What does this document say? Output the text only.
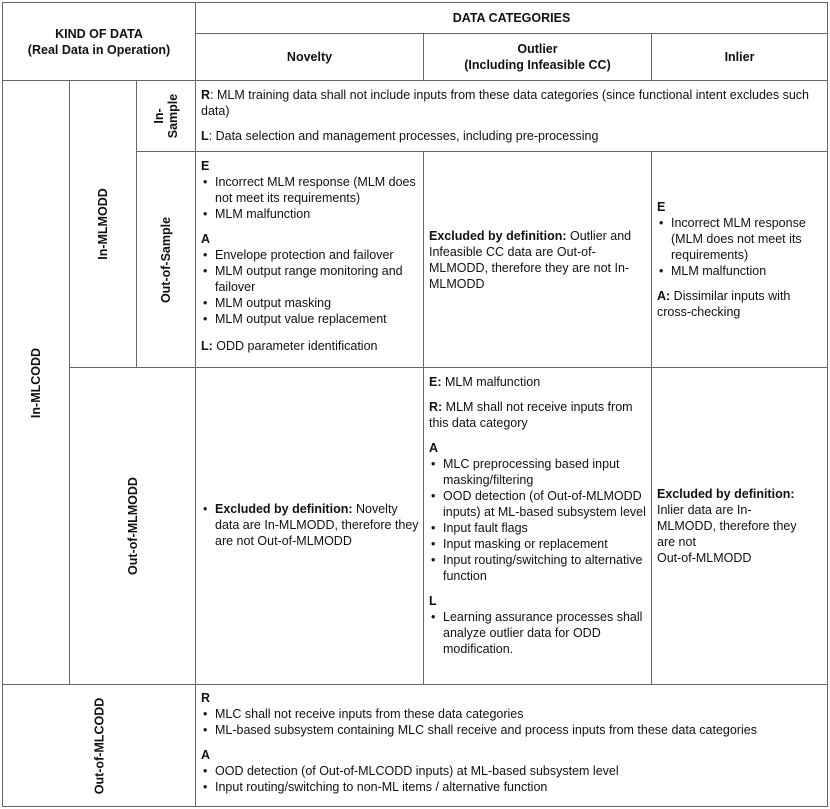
KIND OF DATA
(Real Data in Operation)
DATA CATEGORIES
Novelty
Outlier
(Including Infeasible CC)
Inlier
In-MLCODD
In-MLMODD
In- Sample
Out-of-Sample
Out-of-MLMODD
Out-of-MLCODD

R: MLM training data shall not include inputs from these data categories (since functional intent excludes such data)

L: Data selection and management processes, including pre-processing

E

• Incorrect MLM response (MLM does not meet its requirements)
• MLM malfunction

A

• Envelope protection and failover
• MLM output range monitoring and failover
• MLM output masking
• MLM output value replacement

L: ODD parameter identification

Excluded by definition: Outlier and Infeasible CC data are Out-of-MLMODD, therefore they are not In-MLMODD

E

• Incorrect MLM response (MLM does not meet its requirements)
• MLM malfunction

A: Dissimilar inputs with cross-checking

• Excluded by definition: Novelty data are In-MLMODD, therefore they are not Out-of-MLMODD

E: MLM malfunction

R: MLM shall not receive inputs from this data category

A

• MLC preprocessing based input masking/filtering
• OOD detection (of Out-of-MLMODD inputs) at ML-based subsystem level
• Input fault flags
• Input masking or replacement
• Input routing/switching to alternative function

L

• Learning assurance processes shall analyze outlier data for ODD modification.

Excluded by definition:

Inlier data are In-

MLMODD, therefore they

are not

Out-of-MLMODD

R

• MLC shall not receive inputs from these data categories
• ML-based subsystem containing MLC shall receive and process inputs from these data categories

A

• OOD detection (of Out-of-MLCODD inputs) at ML-based subsystem level
• Input routing/switching to non-ML items / alternative function
